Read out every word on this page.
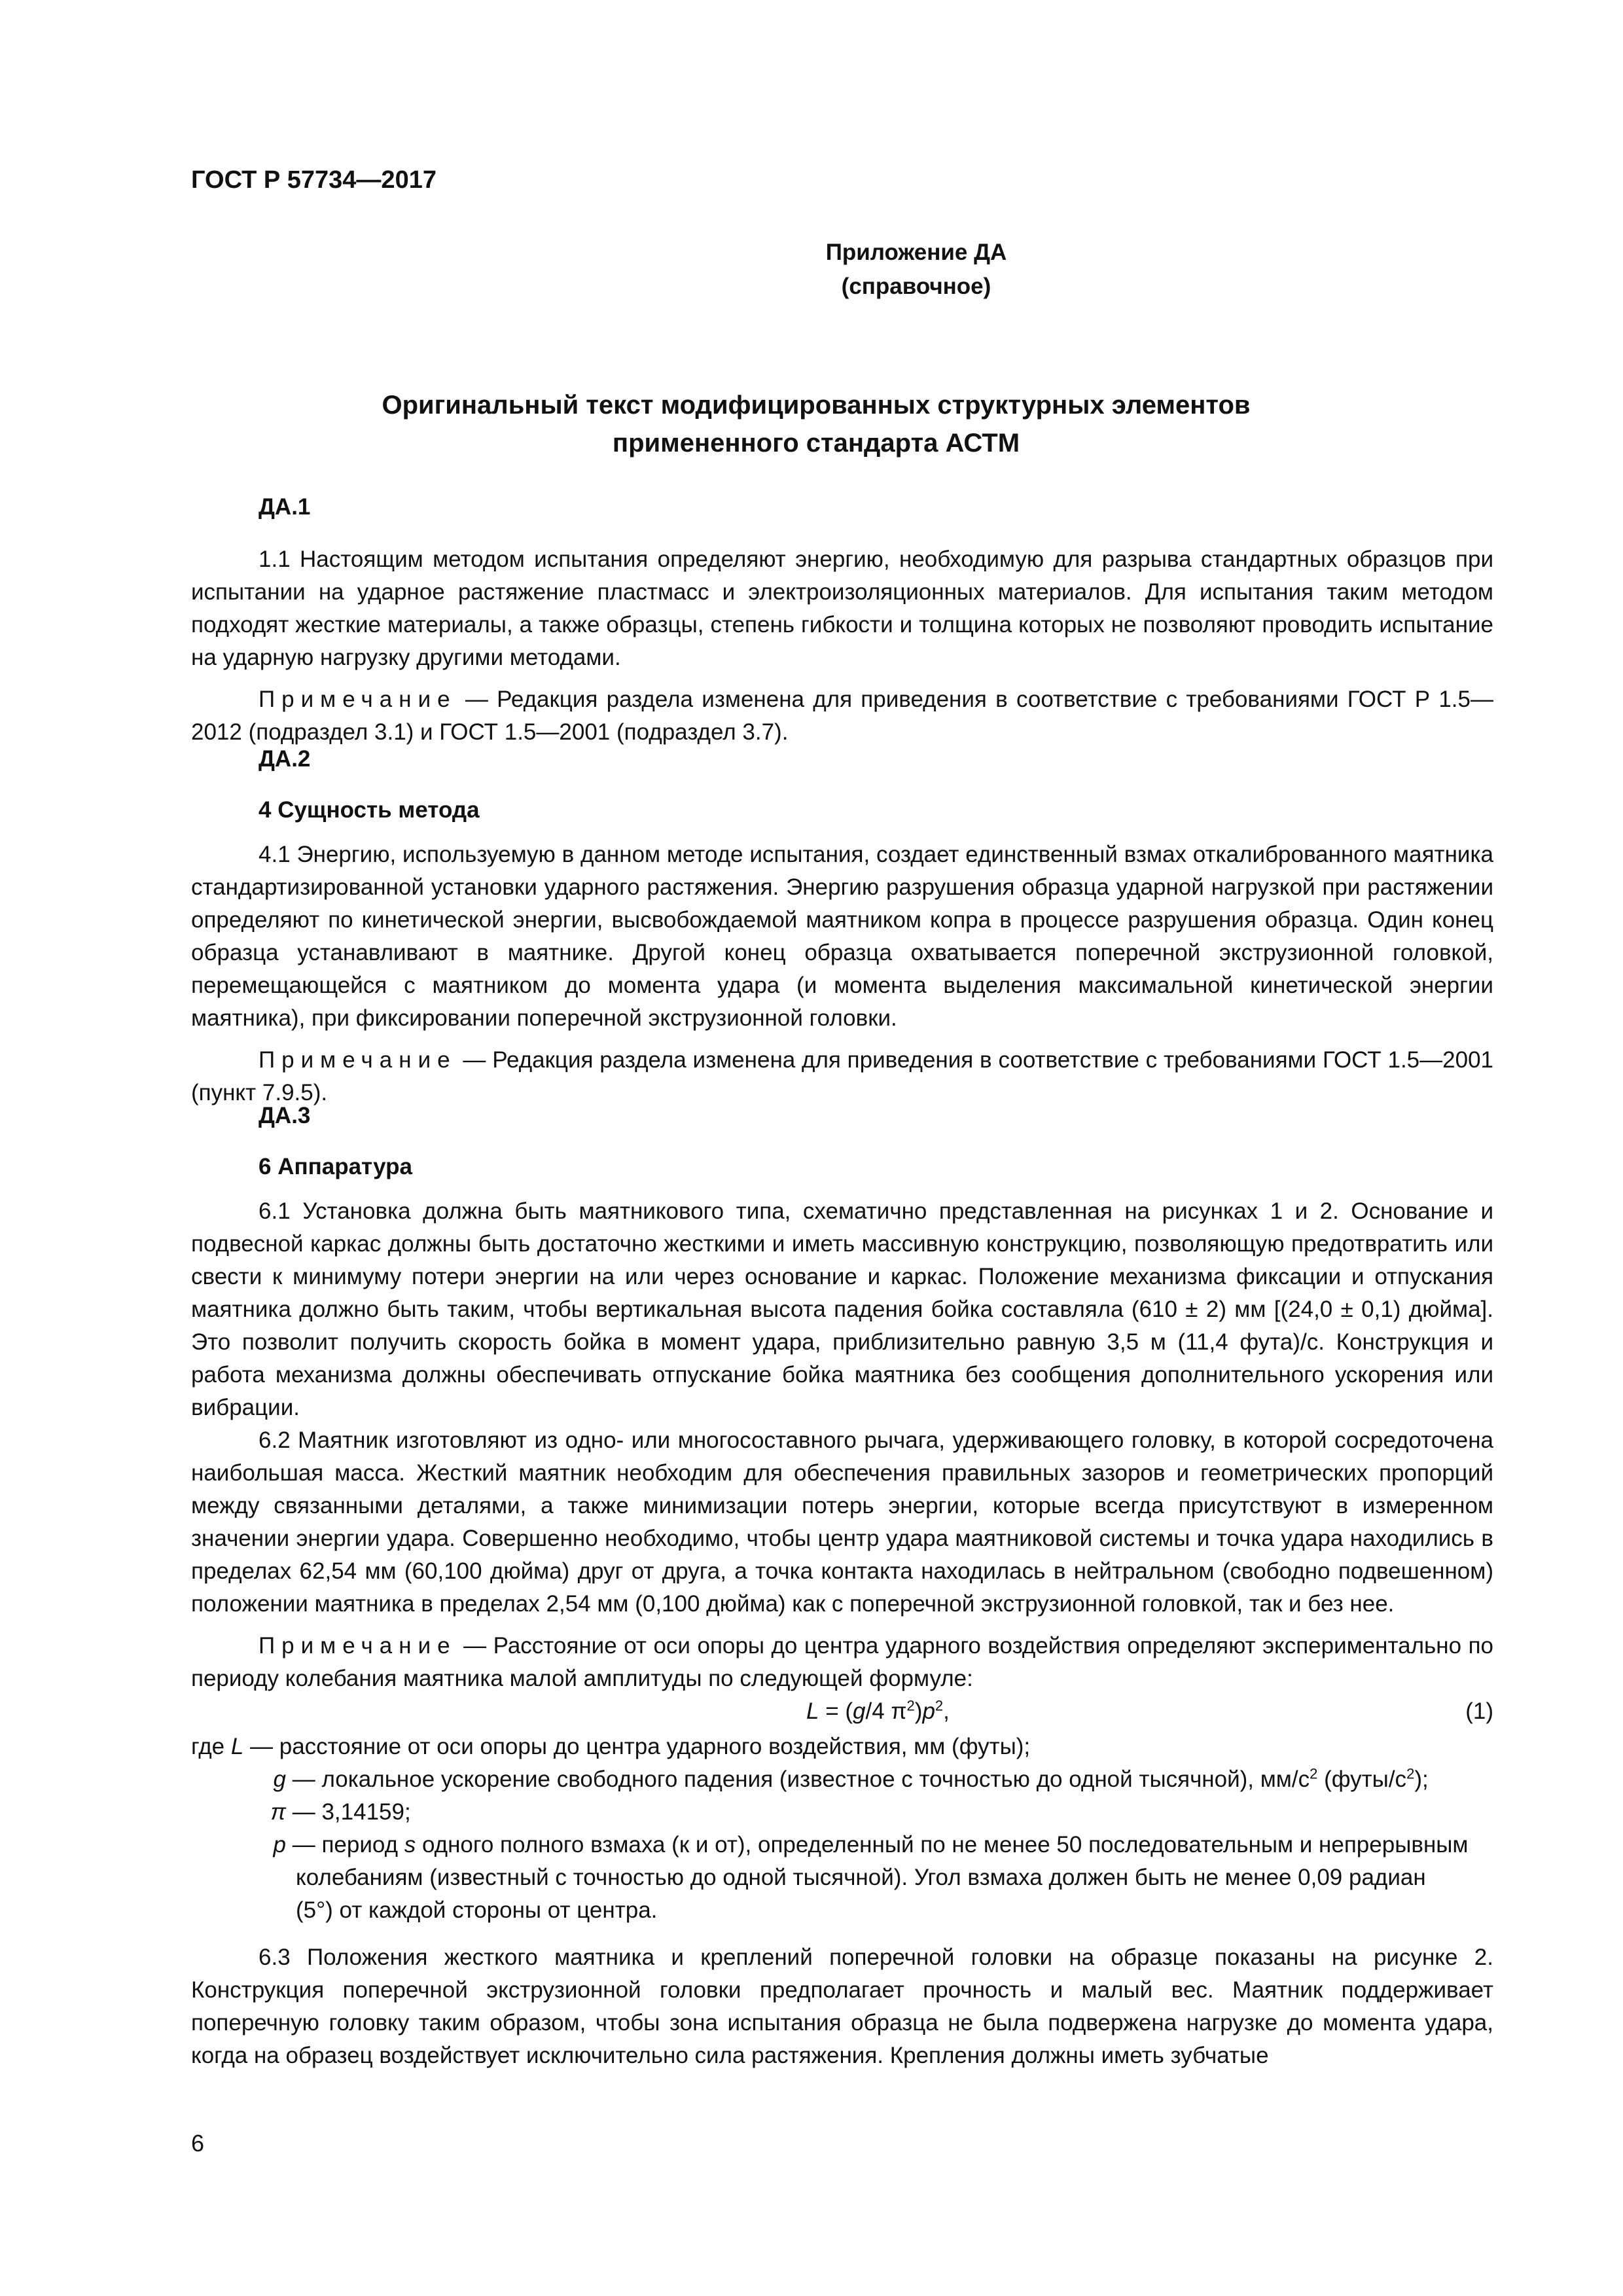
ГОСТ Р 57734—2017
Приложение ДА
(справочное)
Оригинальный текст модифицированных структурных элементов
примененного стандарта АСТМ

ДА.1

1.1 Настоящим методом испытания определяют энергию, необходимую для разрыва стандартных образцов при испытании на ударное растяжение пластмасс и электроизоляционных материалов. Для испытания таким методом подходят жесткие материалы, а также образцы, степень гибкости и толщина которых не позволяют проводить испытание на ударную нагрузку другими методами.

Примечание — Редакция раздела изменена для приведения в соответствие с требованиями ГОСТ Р 1.5—2012 (подраздел 3.1) и ГОСТ 1.5—2001 (подраздел 3.7).

ДА.2

4 Сущность метода

4.1 Энергию, используемую в данном методе испытания, создает единственный взмах откалиброванного маятника стандартизированной установки ударного растяжения. Энергию разрушения образца ударной нагрузкой при растяжении определяют по кинетической энергии, высвобождаемой маятником копра в процессе разрушения образца. Один конец образца устанавливают в маятнике. Другой конец образца охватывается поперечной экструзионной головкой, перемещающейся с маятником до момента удара (и момента выделения максимальной кинетической энергии маятника), при фиксировании поперечной экструзионной головки.

Примечание — Редакция раздела изменена для приведения в соответствие с требованиями ГОСТ 1.5—2001 (пункт 7.9.5).

ДА.3

6 Аппаратура

6.1 Установка должна быть маятникового типа, схематично представленная на рисунках 1 и 2. Основание и подвесной каркас должны быть достаточно жесткими и иметь массивную конструкцию, позволяющую предотвратить или свести к минимуму потери энергии на или через основание и каркас. Положение механизма фиксации и отпускания маятника должно быть таким, чтобы вертикальная высота падения бойка составляла (610 ± 2) мм [(24,0 ± 0,1) дюйма]. Это позволит получить скорость бойка в момент удара, приблизительно равную 3,5 м (11,4 фута)/с. Конструкция и работа механизма должны обеспечивать отпускание бойка маятника без сообщения дополнительного ускорения или вибрации.

6.2 Маятник изготовляют из одно- или многосоставного рычага, удерживающего головку, в которой сосредоточена наибольшая масса. Жесткий маятник необходим для обеспечения правильных зазоров и геометрических пропорций между связанными деталями, а также минимизации потерь энергии, которые всегда присутствуют в измеренном значении энергии удара. Совершенно необходимо, чтобы центр удара маятниковой системы и точка удара находились в пределах 62,54 мм (60,100 дюйма) друг от друга, а точка контакта находилась в нейтральном (свободно подвешенном) положении маятника в пределах 2,54 мм (0,100 дюйма) как с поперечной экструзионной головкой, так и без нее.

Примечание — Расстояние от оси опоры до центра ударного воздействия определяют экспериментально по периоду колебания маятника малой амплитуды по следующей формуле:

L = (g/4 $\pi^2)p^2$,	(1)
где L — расстояние от оси опоры до центра ударного воздействия, мм (футы);
g — локальное ускорение свободного падения (известное с точностью до одной тысячной), $мм/с^2$ $(футы/с^2)$;
π — 3,14159;
p — период s одного полного взмаха (к и от), определенный по не менее 50 последовательным и непрерывным

колебаниям (известный с точностью до одной тысячной). Угол взмаха должен быть не менее 0,09 радиан

(5°) от каждой стороны от центра.

6.3 Положения жесткого маятника и креплений поперечной головки на образце показаны на рисунке 2. Конструкция поперечной экструзионной головки предполагает прочность и малый вес. Маятник поддерживает поперечную головку таким образом, чтобы зона испытания образца не была подвержена нагрузке до момента удара, когда на образец воздействует исключительно сила растяжения. Крепления должны иметь зубчатые

6
